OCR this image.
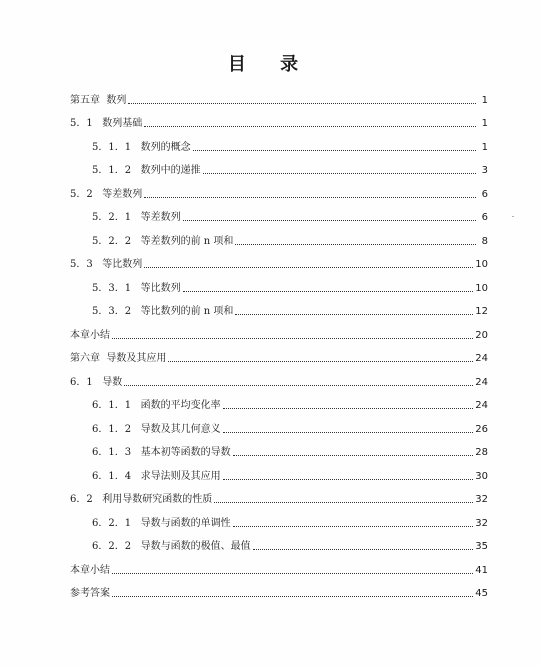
目 录
第五章  数列	1
5．1   数列基础	1
5．1．1   数列的概念	1
5．1．2   数列中的递推	3
5．2   等差数列	6
5．2．1   等差数列	6
5．2．2   等差数列的前 n 项和	8
5．3   等比数列	10
5．3．1   等比数列	10
5．3．2   等比数列的前 n 项和	12
本章小结	20
第六章  导数及其应用	24
6．1   导数	24
6．1．1   函数的平均变化率	24
6．1．2   导数及其几何意义	26
6．1．3   基本初等函数的导数	28
6．1．4   求导法则及其应用	30
6．2   利用导数研究函数的性质	32
6．2．1   导数与函数的单调性	32
6．2．2   导数与函数的极值、最值	35
本章小结	41
参考答案	45
